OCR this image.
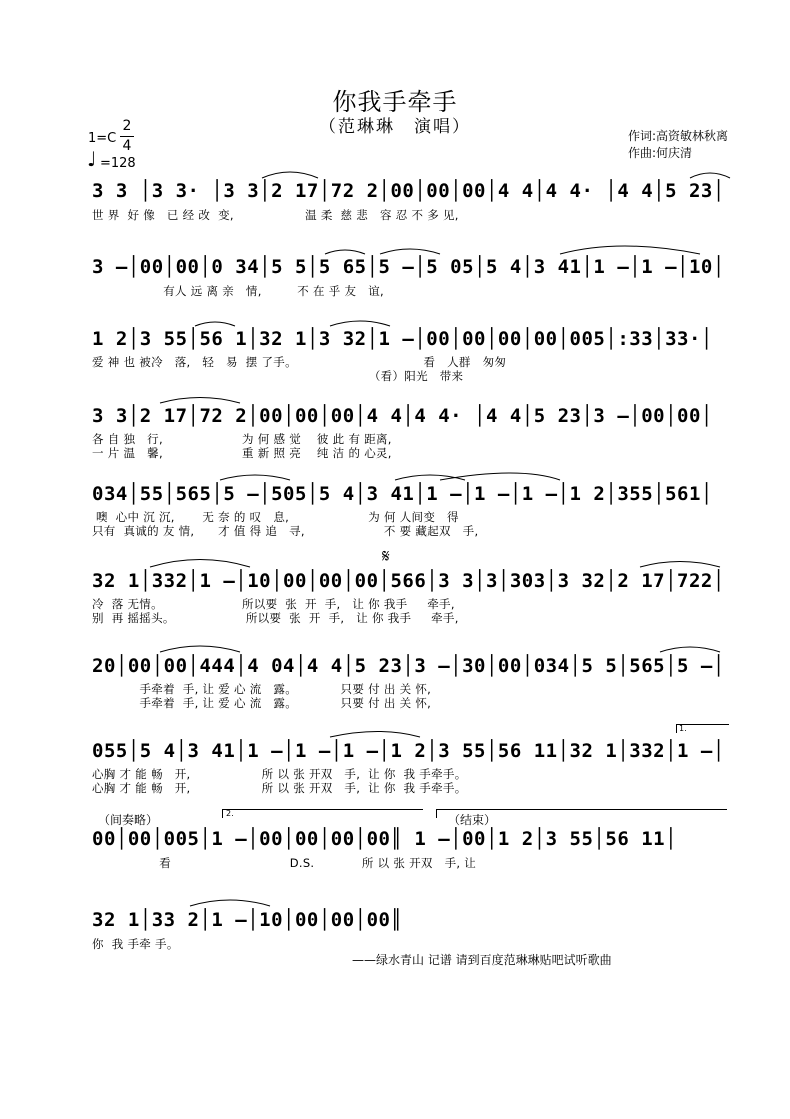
你我手牵手
（范琳琳　演唱）
1=C
2
4
♩ =128
作词:高资敏林秋离
作曲:何庆清
3 3 │3 3· │3 3│2 17│72 2│00│00│00│4 4│4 4· │4 4│5 23│
世 界  好 像   已 经 改  变,                  温 柔  慈 悲   容 忍 不 多 见,
3 —│00│00│0 34│5 5│5 65│5 —│5 05│5 4│3 41│1 —│1 —│10│
有人 远 离 亲   情,         不 在 乎 友   谊,
1 2│3 55│56 1│32 1│3 32│1 —│00│00│00│00│005│:33│33·│
爱 神 也 被冷   落,   轻   易  摆 了手。                                看   人群   匆匆
（看）阳光   带来
3 3│2 17│72 2│00│00│00│4 4│4 4· │4 4│5 23│3 —│00│00│
各 自 独   行,                    为 何 感 觉    彼 此 有 距离,
一 片 温   馨,                    重 新 照 亮    纯 洁 的 心灵,
034│55│565│5 —│505│5 4│3 41│1 —│1 —│1 —│1 2│355│561│
噢  心中 沉 沉,       无 奈 的 叹   息,                    为 何 人间变   得
只有  真诚的 友 情,      才 值 得 追   寻,                    不 要 藏起双   手,
𝄋
32 1│332│1 —│10│00│00│00│566│3 3│3│303│3 32│2 17│722│
冷  落 无情。                    所以要  张  开  手,   让 你 我手     牵手,
别  再 摇摇头。                  所以要  张  开  手,   让 你 我手     牵手,
20│00│00│444│4 04│4 4│5 23│3 —│30│00│034│5 5│565│5 —│
手牵着  手, 让 爱 心 流   露。           只要 付 出 关 怀,
手牵着  手, 让 爱 心 流   露。           只要 付 出 关 怀,
1.
055│5 4│3 41│1 —│1 —│1 —│1 2│3 55│56 11│32 1│332│1 —│
心胸 才 能 畅   开,                  所 以 张 开双   手,  让 你  我 手牵手。
心胸 才 能 畅   开,                  所 以 张 开双   手,  让 你  我 手牵手。
（间奏略）	2.	（结束）
00│00│005│1 —│00│00│00│00║ 1 —│00│1 2│3 55│56 11│
看                              D.S.            所 以 张 开双   手, 让
32 1│33 2│1 —│10│00│00│00║
你  我 手牵 手。
——绿水青山 记谱 请到百度范琳琳贴吧试听歌曲
